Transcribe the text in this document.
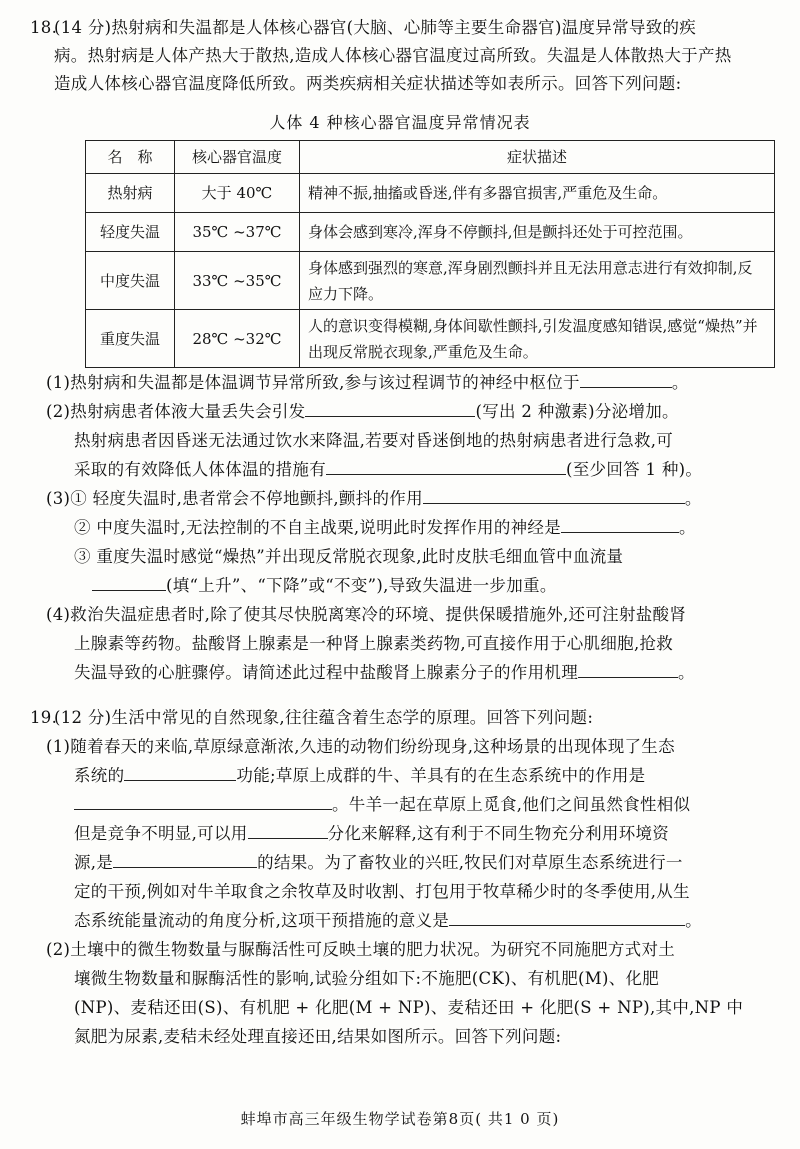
18.(14 分)热射病和失温都是人体核心器官(大脑、心肺等主要生命器官)温度异常导致的疾
病。热射病是人体产热大于散热,造成人体核心器官温度过高所致。失温是人体散热大于产热
造成人体核心器官温度降低所致。两类疾病相关症状描述等如表所示。回答下列问题:
人体 4 种核心器官温度异常情况表
名　称	核心器官温度	症状描述
热射病	大于 40℃	精神不振,抽搐或昏迷,伴有多器官损害,严重危及生命。
轻度失温	35℃ ~37℃	身体会感到寒冷,浑身不停颤抖,但是颤抖还处于可控范围。
中度失温	33℃ ~35℃	身体感到强烈的寒意,浑身剧烈颤抖并且无法用意志进行有效抑制,反应力下降。
重度失温	28℃ ~32℃	人的意识变得模糊,身体间歇性颤抖,引发温度感知错误,感觉“燥热”并出现反常脱衣现象,严重危及生命。
(1)热射病和失温都是体温调节异常所致,参与该过程调节的神经中枢位于	。
(2)热射病患者体液大量丢失会引发	(写出 2 种激素)分泌增加。
热射病患者因昏迷无法通过饮水来降温,若要对昏迷倒地的热射病患者进行急救,可
采取的有效降低人体体温的措施有	(至少回答 1 种)。
(3)① 轻度失温时,患者常会不停地颤抖,颤抖的作用	。
② 中度失温时,无法控制的不自主战栗,说明此时发挥作用的神经是	。
③ 重度失温时感觉“燥热”并出现反常脱衣现象,此时皮肤毛细血管中血流量
(填“上升”、“下降”或“不变”),导致失温进一步加重。
(4)救治失温症患者时,除了使其尽快脱离寒冷的环境、提供保暖措施外,还可注射盐酸肾
上腺素等药物。盐酸肾上腺素是一种肾上腺素类药物,可直接作用于心肌细胞,抢救
失温导致的心脏骤停。请简述此过程中盐酸肾上腺素分子的作用机理	。
19.(12 分)生活中常见的自然现象,往往蕴含着生态学的原理。回答下列问题:
(1)随着春天的来临,草原绿意渐浓,久违的动物们纷纷现身,这种场景的出现体现了生态
系统的	功能;草原上成群的牛、羊具有的在生态系统中的作用是
。牛羊一起在草原上觅食,他们之间虽然食性相似
但是竞争不明显,可以用	分化来解释,这有利于不同生物充分利用环境资
源,是	的结果。为了畜牧业的兴旺,牧民们对草原生态系统进行一
定的干预,例如对牛羊取食之余牧草及时收割、打包用于牧草稀少时的冬季使用,从生
态系统能量流动的角度分析,这项干预措施的意义是	。
(2)土壤中的微生物数量与脲酶活性可反映土壤的肥力状况。为研究不同施肥方式对土
壤微生物数量和脲酶活性的影响,试验分组如下:不施肥(CK)、有机肥(M)、化肥
(NP)、麦秸还田(S)、有机肥 + 化肥(M + NP)、麦秸还田 + 化肥(S + NP),其中,NP 中
氮肥为尿素,麦秸未经处理直接还田,结果如图所示。回答下列问题:
蚌埠市高三年级生物学试卷第8页( 共1 0 页)
